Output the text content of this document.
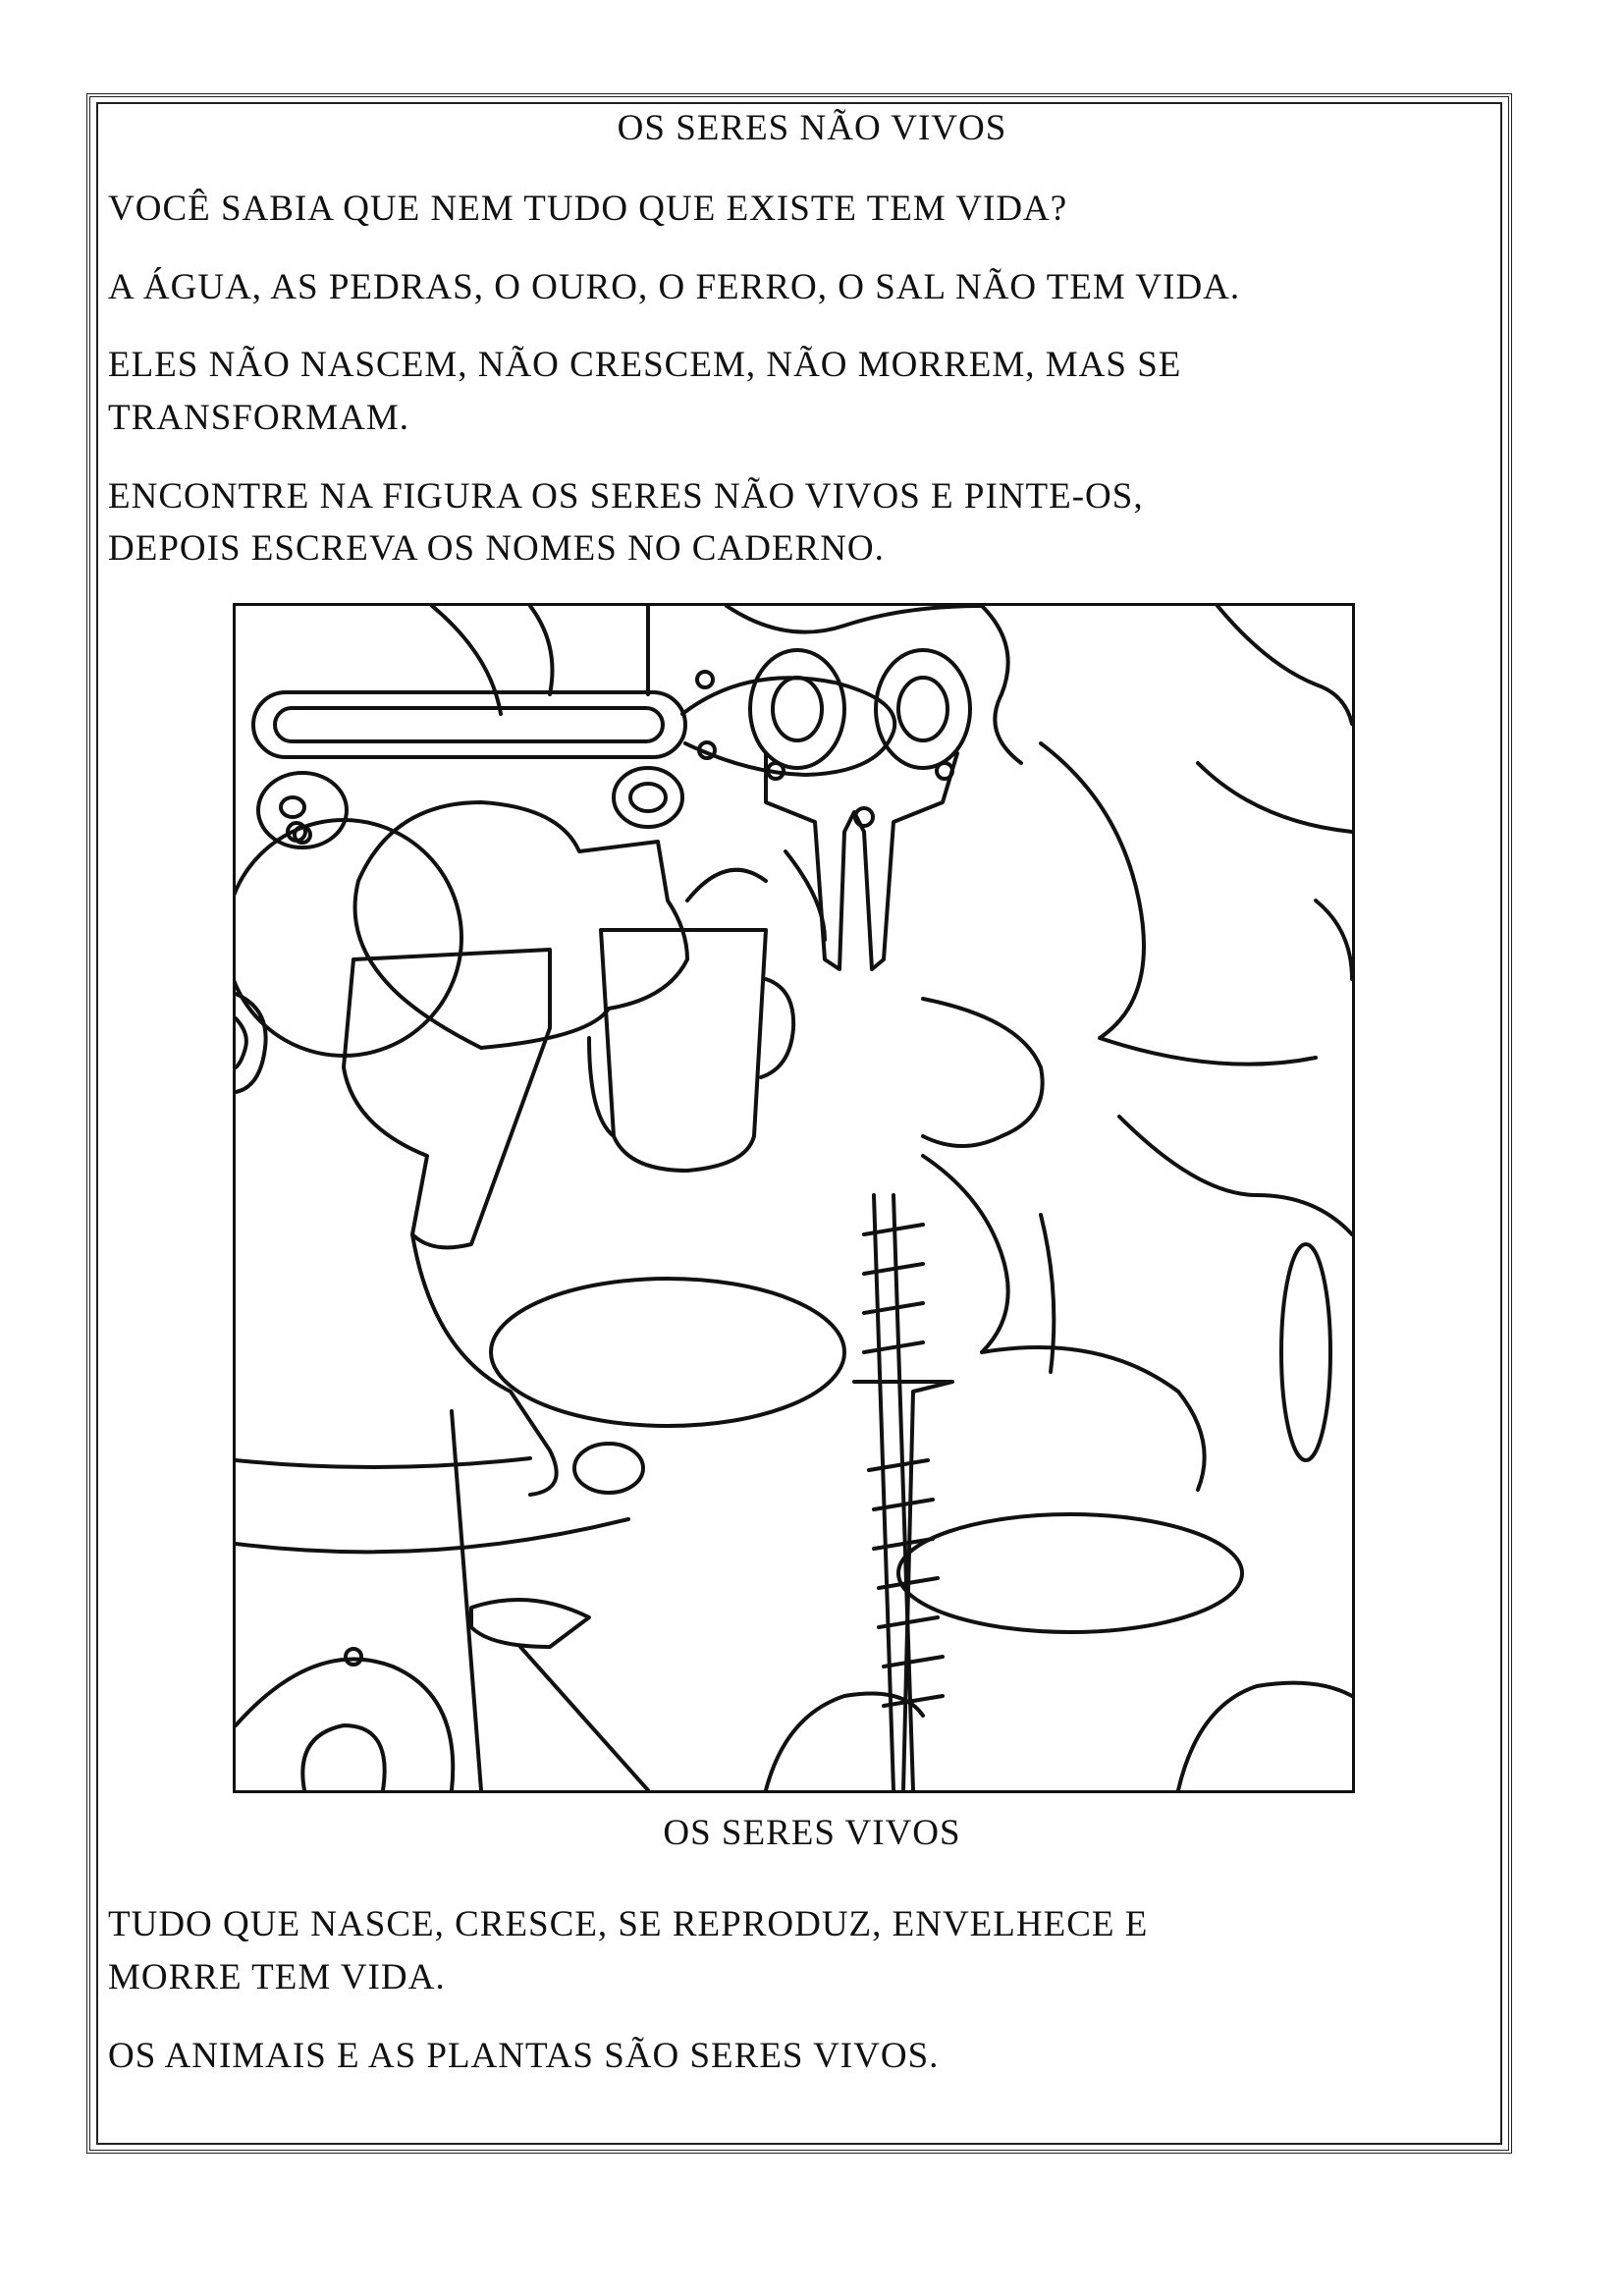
OS SERES NÃO VIVOS
VOCÊ SABIA QUE NEM TUDO QUE EXISTE TEM VIDA?
A ÁGUA, AS PEDRAS, O OURO, O FERRO, O SAL NÃO TEM VIDA.
ELES NÃO NASCEM, NÃO CRESCEM, NÃO MORREM, MAS SE
TRANSFORMAM.
ENCONTRE NA FIGURA OS SERES NÃO VIVOS E PINTE-OS,
DEPOIS ESCREVA OS NOMES NO CADERNO.
OS SERES VIVOS
TUDO QUE NASCE, CRESCE, SE REPRODUZ, ENVELHECE E
MORRE TEM VIDA.
OS ANIMAIS E AS PLANTAS SÃO SERES VIVOS.
